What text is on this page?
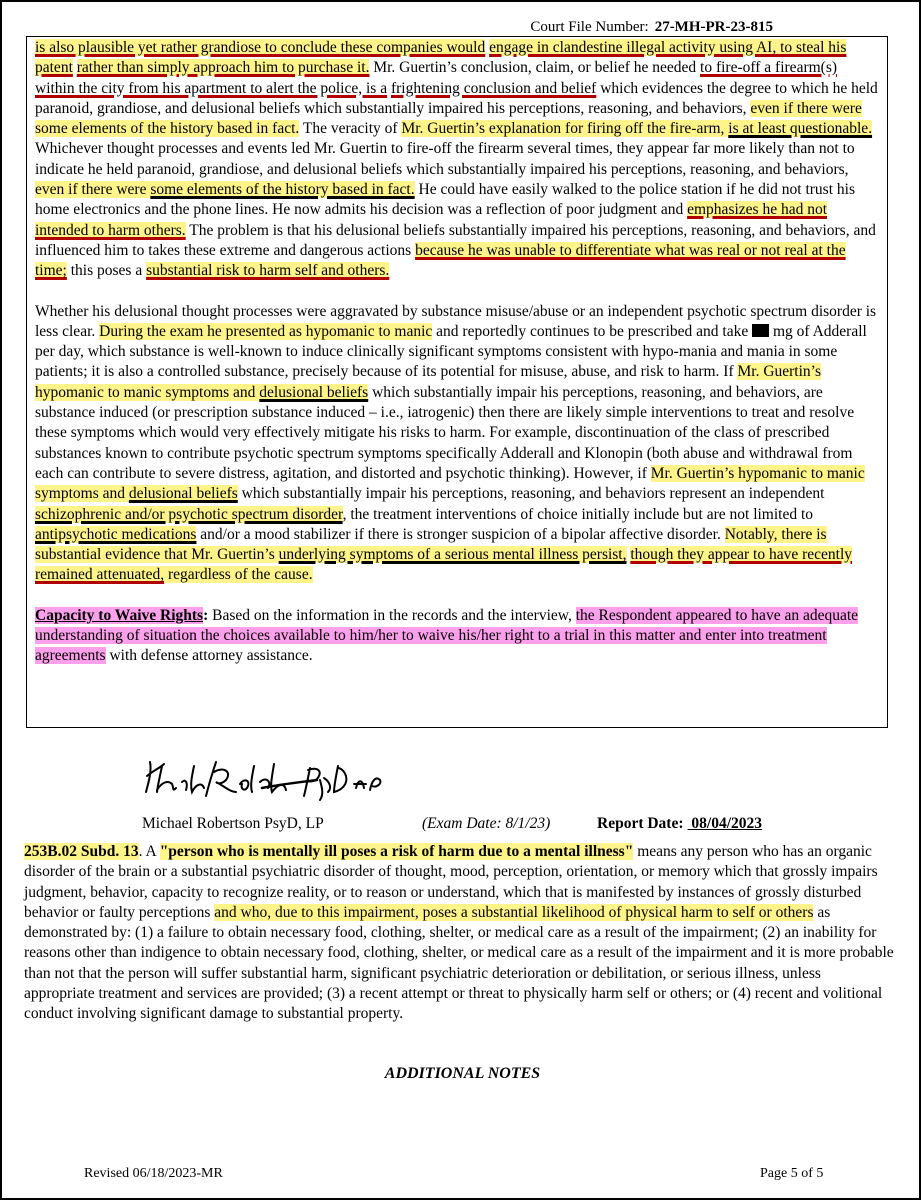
Court File Number: 27-MH-PR-23-815

is also plausible yet rather grandiose to conclude these companies would engage in clandestine illegal activity using AI, to steal his patent rather than simply approach him to purchase it. Mr. Guertin’s conclusion, claim, or belief he needed to fire-off a firearm(s) within the city from his apartment to alert the police, is a frightening conclusion and belief which evidences the degree to which he held paranoid, grandiose, and delusional beliefs which substantially impaired his perceptions, reasoning, and behaviors, even if there were some elements of the history based in fact. The veracity of Mr. Guertin’s explanation for firing off the fire-arm, is at least questionable. Whichever thought processes and events led Mr. Guertin to fire-off the firearm several times, they appear far more likely than not to indicate he held paranoid, grandiose, and delusional beliefs which substantially impaired his perceptions, reasoning, and behaviors, even if there were some elements of the history based in fact. He could have easily walked to the police station if he did not trust his home electronics and the phone lines. He now admits his decision was a reflection of poor judgment and emphasizes he had not intended to harm others. The problem is that his delusional beliefs substantially impaired his perceptions, reasoning, and behaviors, and influenced him to takes these extreme and dangerous actions because he was unable to differentiate what was real or not real at the time; this poses a substantial risk to harm self and others.

Whether his delusional thought processes were aggravated by substance misuse/abuse or an independent psychotic spectrum disorder is less clear. During the exam he presented as hypomanic to manic and reportedly continues to be prescribed and take  mg of Adderall per day, which substance is well-known to induce clinically significant symptoms consistent with hypo-mania and mania in some patients; it is also a controlled substance, precisely because of its potential for misuse, abuse, and risk to harm. If Mr. Guertin’s hypomanic to manic symptoms and delusional beliefs which substantially impair his perceptions, reasoning, and behaviors, are substance induced (or prescription substance induced – i.e., iatrogenic) then there are likely simple interventions to treat and resolve these symptoms which would very effectively mitigate his risks to harm. For example, discontinuation of the class of prescribed substances known to contribute psychotic spectrum symptoms specifically Adderall and Klonopin (both abuse and withdrawal from each can contribute to severe distress, agitation, and distorted and psychotic thinking). However, if Mr. Guertin’s hypomanic to manic symptoms and delusional beliefs which substantially impair his perceptions, reasoning, and behaviors represent an independent schizophrenic and/or psychotic spectrum disorder, the treatment interventions of choice initially include but are not limited to antipsychotic medications and/or a mood stabilizer if there is stronger suspicion of a bipolar affective disorder. Notably, there is substantial evidence that Mr. Guertin’s underlying symptoms of a serious mental illness persist, though they appear to have recently remained attenuated, regardless of the cause.

Capacity to Waive Rights: Based on the information in the records and the interview, the Respondent appeared to have an adequate understanding of situation the choices available to him/her to waive his/her right to a trial in this matter and enter into treatment agreements with defense attorney assistance.

Michael Robertson PsyD, LP	(Exam Date: 8/1/23)	Report Date: 08/04/2023
253B.02 Subd. 13. A "person who is mentally ill poses a risk of harm due to a mental illness" means any person who has an organic disorder of the brain or a substantial psychiatric disorder of thought, mood, perception, orientation, or memory which that grossly impairs judgment, behavior, capacity to recognize reality, or to reason or understand, which that is manifested by instances of grossly disturbed behavior or faulty perceptions and who, due to this impairment, poses a substantial likelihood of physical harm to self or others as demonstrated by: (1) a failure to obtain necessary food, clothing, shelter, or medical care as a result of the impairment; (2) an inability for reasons other than indigence to obtain necessary food, clothing, shelter, or medical care as a result of the impairment and it is more probable than not that the person will suffer substantial harm, significant psychiatric deterioration or debilitation, or serious illness, unless appropriate treatment and services are provided; (3) a recent attempt or threat to physically harm self or others; or (4) recent and volitional conduct involving significant damage to substantial property.
ADDITIONAL NOTES
Revised 06/18/2023-MR	Page 5 of 5
